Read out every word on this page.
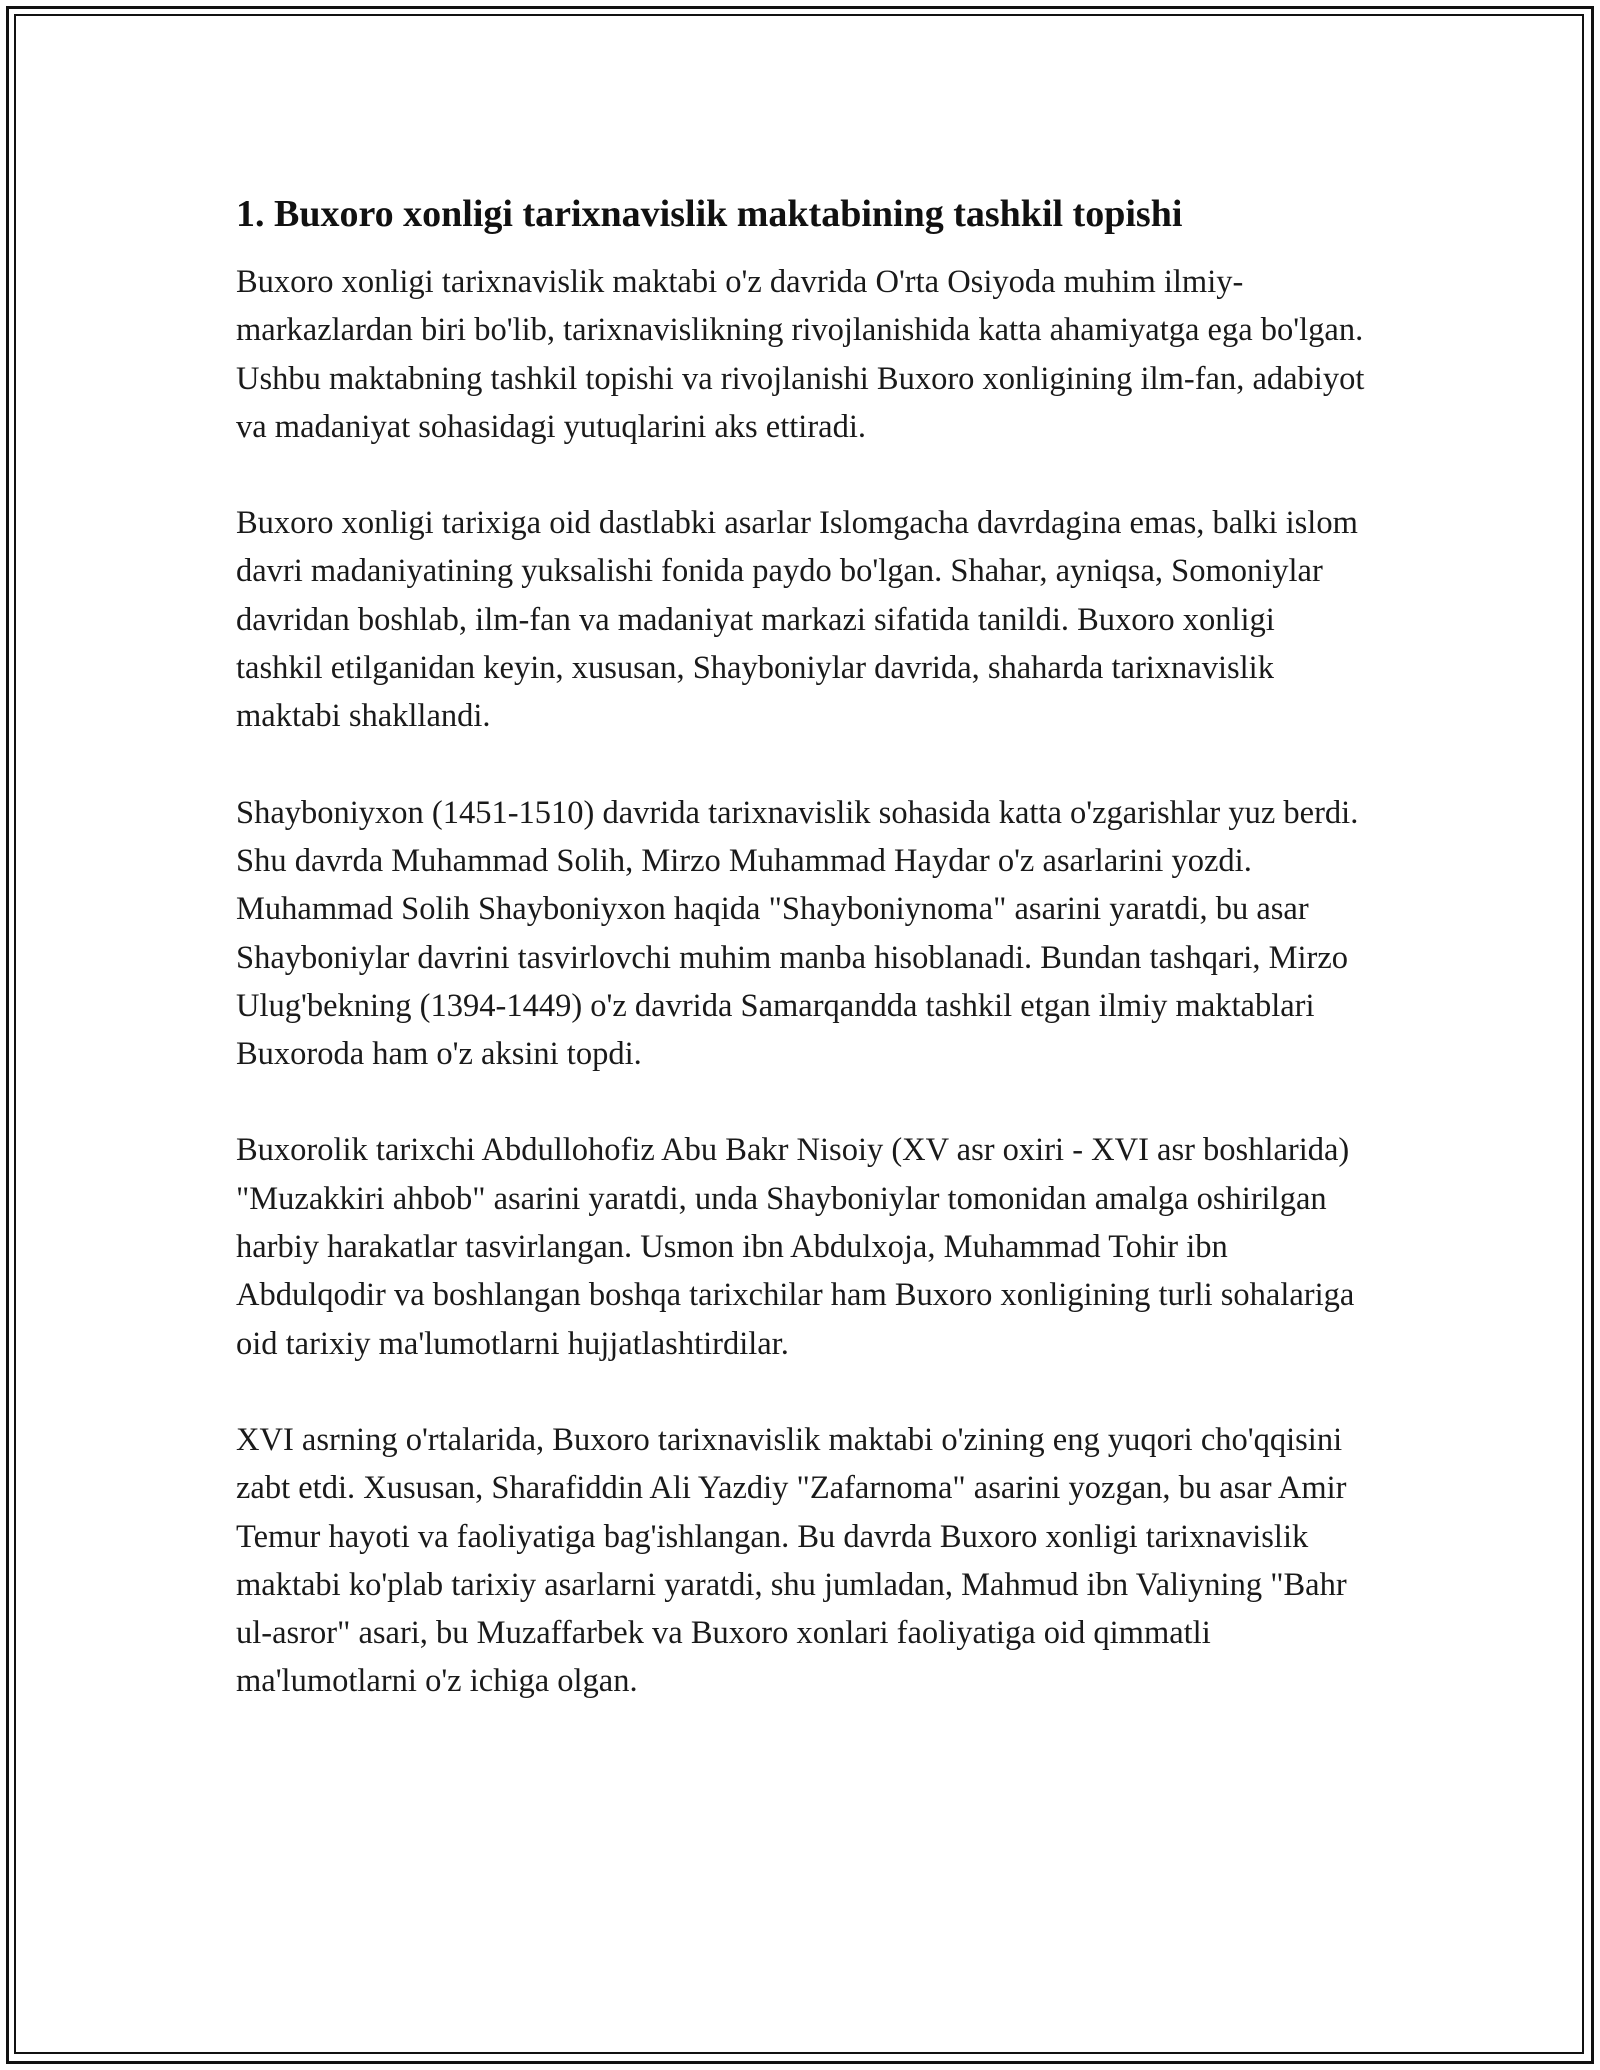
1. Buxoro xonligi tarixnavislik maktabining tashkil topishi

Buxoro xonligi tarixnavislik maktabi o'z davrida O'rta Osiyoda muhim ilmiy-markazlardan biri bo'lib, tarixnavislikning rivojlanishida katta ahamiyatga ega bo'lgan. Ushbu maktabning tashkil topishi va rivojlanishi Buxoro xonligining ilm-fan, adabiyot va madaniyat sohasidagi yutuqlarini aks ettiradi.

Buxoro xonligi tarixiga oid dastlabki asarlar Islomgacha davrdagina emas, balki islom davri madaniyatining yuksalishi fonida paydo bo'lgan. Shahar, ayniqsa, Somoniylar davridan boshlab, ilm-fan va madaniyat markazi sifatida tanildi. Buxoro xonligi tashkil etilganidan keyin, xususan, Shayboniylar davrida, shaharda tarixnavislik maktabi shakllandi.

Shayboniyxon (1451-1510) davrida tarixnavislik sohasida katta o'zgarishlar yuz berdi. Shu davrda Muhammad Solih, Mirzo Muhammad Haydar o'z asarlarini yozdi. Muhammad Solih Shayboniyxon haqida "Shayboniynoma" asarini yaratdi, bu asar Shayboniylar davrini tasvirlovchi muhim manba hisoblanadi. Bundan tashqari, Mirzo Ulug'bekning (1394-1449) o'z davrida Samarqandda tashkil etgan ilmiy maktablari Buxoroda ham o'z aksini topdi.

Buxorolik tarixchi Abdullohofiz Abu Bakr Nisoiy (XV asr oxiri - XVI asr boshlarida) "Muzakkiri ahbob" asarini yaratdi, unda Shayboniylar tomonidan amalga oshirilgan harbiy harakatlar tasvirlangan. Usmon ibn Abdulxoja, Muhammad Tohir ibn Abdulqodir va boshlangan boshqa tarixchilar ham Buxoro xonligining turli sohalariga oid tarixiy ma'lumotlarni hujjatlashtirdilar.

XVI asrning o'rtalarida, Buxoro tarixnavislik maktabi o'zining eng yuqori cho'qqisini zabt etdi. Xususan, Sharafiddin Ali Yazdiy "Zafarnoma" asarini yozgan, bu asar Amir Temur hayoti va faoliyatiga bag'ishlangan. Bu davrda Buxoro xonligi tarixnavislik maktabi ko'plab tarixiy asarlarni yaratdi, shu jumladan, Mahmud ibn Valiyning "Bahr ul-asror" asari, bu Muzaffarbek va Buxoro xonlari faoliyatiga oid qimmatli ma'lumotlarni o'z ichiga olgan.
